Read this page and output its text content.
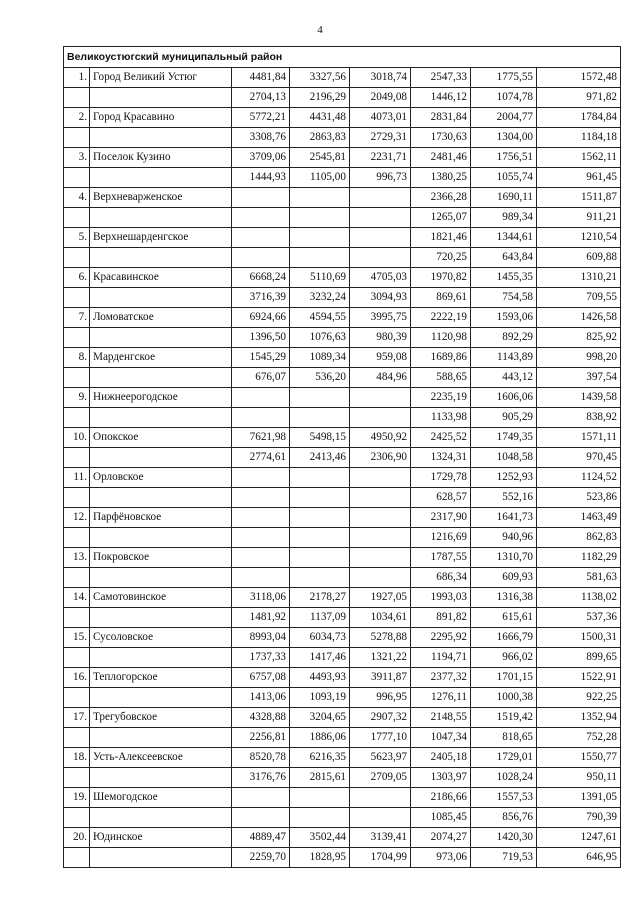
4
Великоустюгский муниципальный район							
1.	Город Великий Устюг	4481,84	3327,56	3018,74	2547,33	1775,55	1572,48
		2704,13	2196,29	2049,08	1446,12	1074,78	971,82
2.	Город Красавино	5772,21	4431,48	4073,01	2831,84	2004,77	1784,84
		3308,76	2863,83	2729,31	1730,63	1304,00	1184,18
3.	Поселок Кузино	3709,06	2545,81	2231,71	2481,46	1756,51	1562,11
		1444,93	1105,00	996,73	1380,25	1055,74	961,45
4.	Верхневарженское				2366,28	1690,11	1511,87
					1265,07	989,34	911,21
5.	Верхнешарденгское				1821,46	1344,61	1210,54
					720,25	643,84	609,88
6.	Красавинское	6668,24	5110,69	4705,03	1970,82	1455,35	1310,21
		3716,39	3232,24	3094,93	869,61	754,58	709,55
7.	Ломоватское	6924,66	4594,55	3995,75	2222,19	1593,06	1426,58
		1396,50	1076,63	980,39	1120,98	892,29	825,92
8.	Марденгское	1545,29	1089,34	959,08	1689,86	1143,89	998,20
		676,07	536,20	484,96	588,65	443,12	397,54
9.	Нижнеерогодское				2235,19	1606,06	1439,58
					1133,98	905,29	838,92
10.	Опокское	7621,98	5498,15	4950,92	2425,52	1749,35	1571,11
		2774,61	2413,46	2306,90	1324,31	1048,58	970,45
11.	Орловское				1729,78	1252,93	1124,52
					628,57	552,16	523,86
12.	Парфёновское				2317,90	1641,73	1463,49
					1216,69	940,96	862,83
13.	Покровское				1787,55	1310,70	1182,29
					686,34	609,93	581,63
14.	Самотовинское	3118,06	2178,27	1927,05	1993,03	1316,38	1138,02
		1481,92	1137,09	1034,61	891,82	615,61	537,36
15.	Сусоловское	8993,04	6034,73	5278,88	2295,92	1666,79	1500,31
		1737,33	1417,46	1321,22	1194,71	966,02	899,65
16.	Теплогорское	6757,08	4493,93	3911,87	2377,32	1701,15	1522,91
		1413,06	1093,19	996,95	1276,11	1000,38	922,25
17.	Трегубовское	4328,88	3204,65	2907,32	2148,55	1519,42	1352,94
		2256,81	1886,06	1777,10	1047,34	818,65	752,28
18.	Усть-Алексеевское	8520,78	6216,35	5623,97	2405,18	1729,01	1550,77
		3176,76	2815,61	2709,05	1303,97	1028,24	950,11
19.	Шемогодское				2186,66	1557,53	1391,05
					1085,45	856,76	790,39
20.	Юдинское	4889,47	3502,44	3139,41	2074,27	1420,30	1247,61
		2259,70	1828,95	1704,99	973,06	719,53	646,95
